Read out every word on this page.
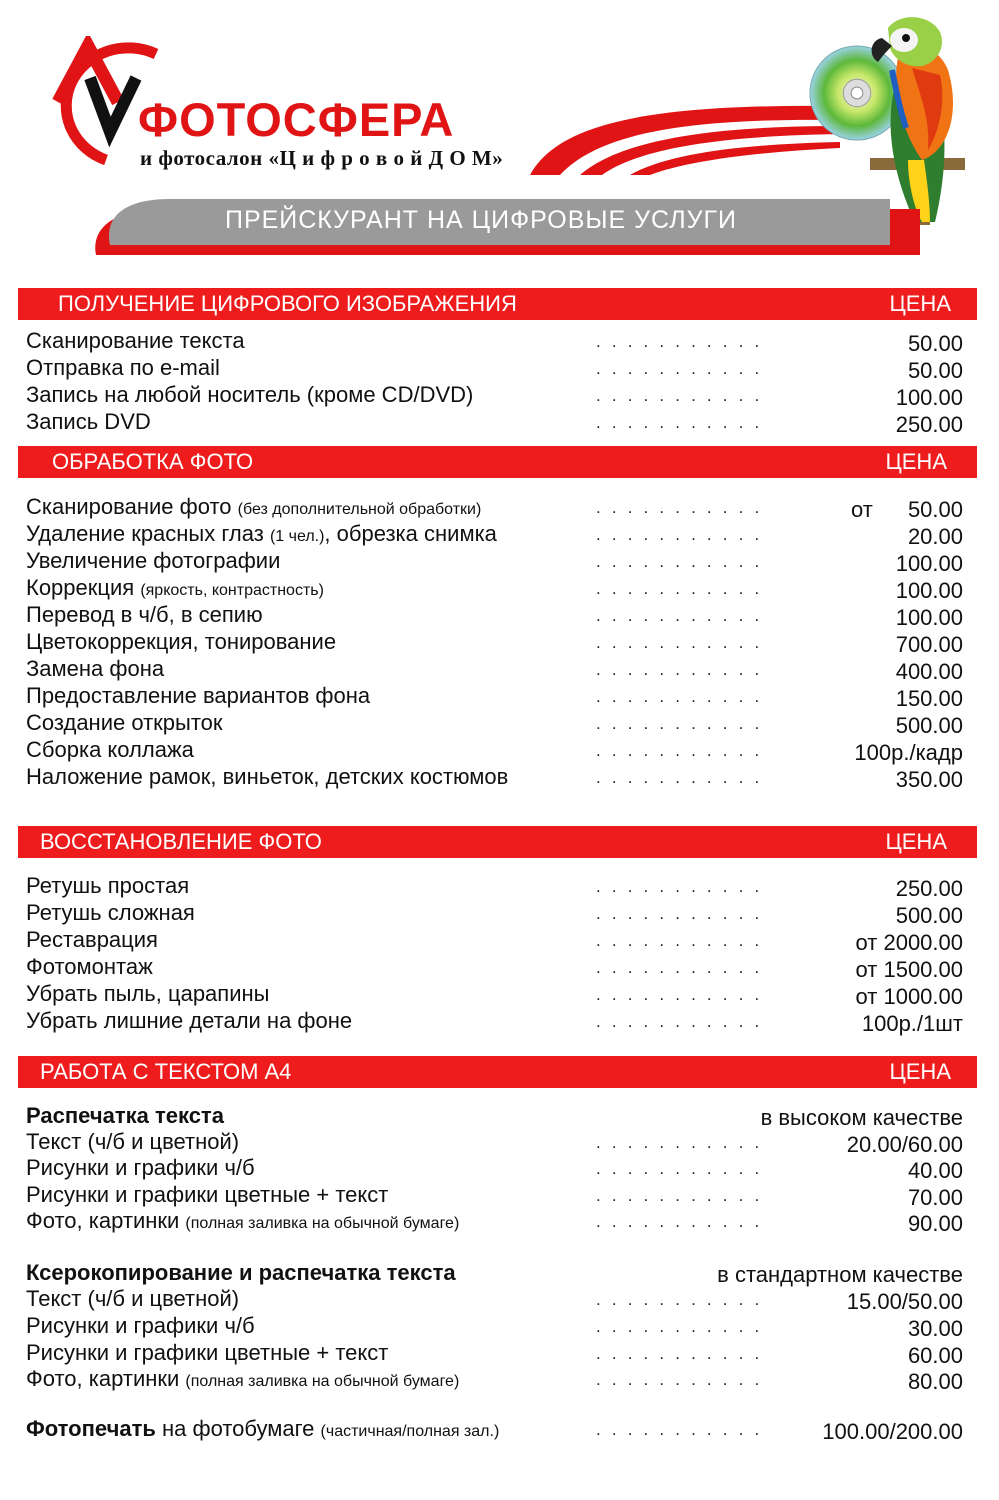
ФОТОСФЕРА
и фотосалон «Ц и ф р о в о й Д О М»
ПРЕЙСКУРАНТ НА ЦИФРОВЫЕ УСЛУГИ
ПОЛУЧЕНИЕ ЦИФРОВОГО ИЗОБРАЖЕНИЯ	ЦЕНА
Сканирование текста	. . . . . . . . . . .	50.00
Отправка по e-mail	. . . . . . . . . . .	50.00
Запись на любой носитель (кроме CD/DVD)	. . . . . . . . . . .	100.00
Запись DVD	. . . . . . . . . . .	250.00
ОБРАБОТКА ФОТО	ЦЕНА
Сканирование фото (без дополнительной обработки)	. . . . . . . . . . .	от 50.00
Удаление красных глаз (1 чел.), обрезка снимка	. . . . . . . . . . .	20.00
Увеличение фотографии	. . . . . . . . . . .	100.00
Коррекция (яркость, контрастность)	. . . . . . . . . . .	100.00
Перевод в ч/б, в сепию	. . . . . . . . . . .	100.00
Цветокоррекция, тонирование	. . . . . . . . . . .	700.00
Замена фона	. . . . . . . . . . .	400.00
Предоставление вариантов фона	. . . . . . . . . . .	150.00
Создание открыток	. . . . . . . . . . .	500.00
Сборка коллажа	. . . . . . . . . . .	100р./кадр
Наложение рамок, виньеток, детских костюмов	. . . . . . . . . . .	350.00
ВОССТАНОВЛЕНИЕ ФОТО	ЦЕНА
Ретушь простая	. . . . . . . . . . .	250.00
Ретушь сложная	. . . . . . . . . . .	500.00
Реставрация	. . . . . . . . . . .	от 2000.00
Фотомонтаж	. . . . . . . . . . .	от 1500.00
Убрать пыль, царапины	. . . . . . . . . . .	от 1000.00
Убрать лишние детали на фоне	. . . . . . . . . . .	100р./1шт
РАБОТА С ТЕКСТОМ А4	ЦЕНА
Распечатка текста	в высоком качестве
Текст (ч/б и цветной)	. . . . . . . . . . .	20.00/60.00
Рисунки и графики ч/б	. . . . . . . . . . .	40.00
Рисунки и графики цветные + текст	. . . . . . . . . . .	70.00
Фото, картинки (полная заливка на обычной бумаге)	. . . . . . . . . . .	90.00
Ксерокопирование и распечатка текста	в стандартном качестве
Текст (ч/б и цветной)	. . . . . . . . . . .	15.00/50.00
Рисунки и графики ч/б	. . . . . . . . . . .	30.00
Рисунки и графики цветные + текст	. . . . . . . . . . .	60.00
Фото, картинки (полная заливка на обычной бумаге)	. . . . . . . . . . .	80.00
Фотопечать на фотобумаге (частичная/полная зал.)	. . . . . . . . . . .	100.00/200.00
